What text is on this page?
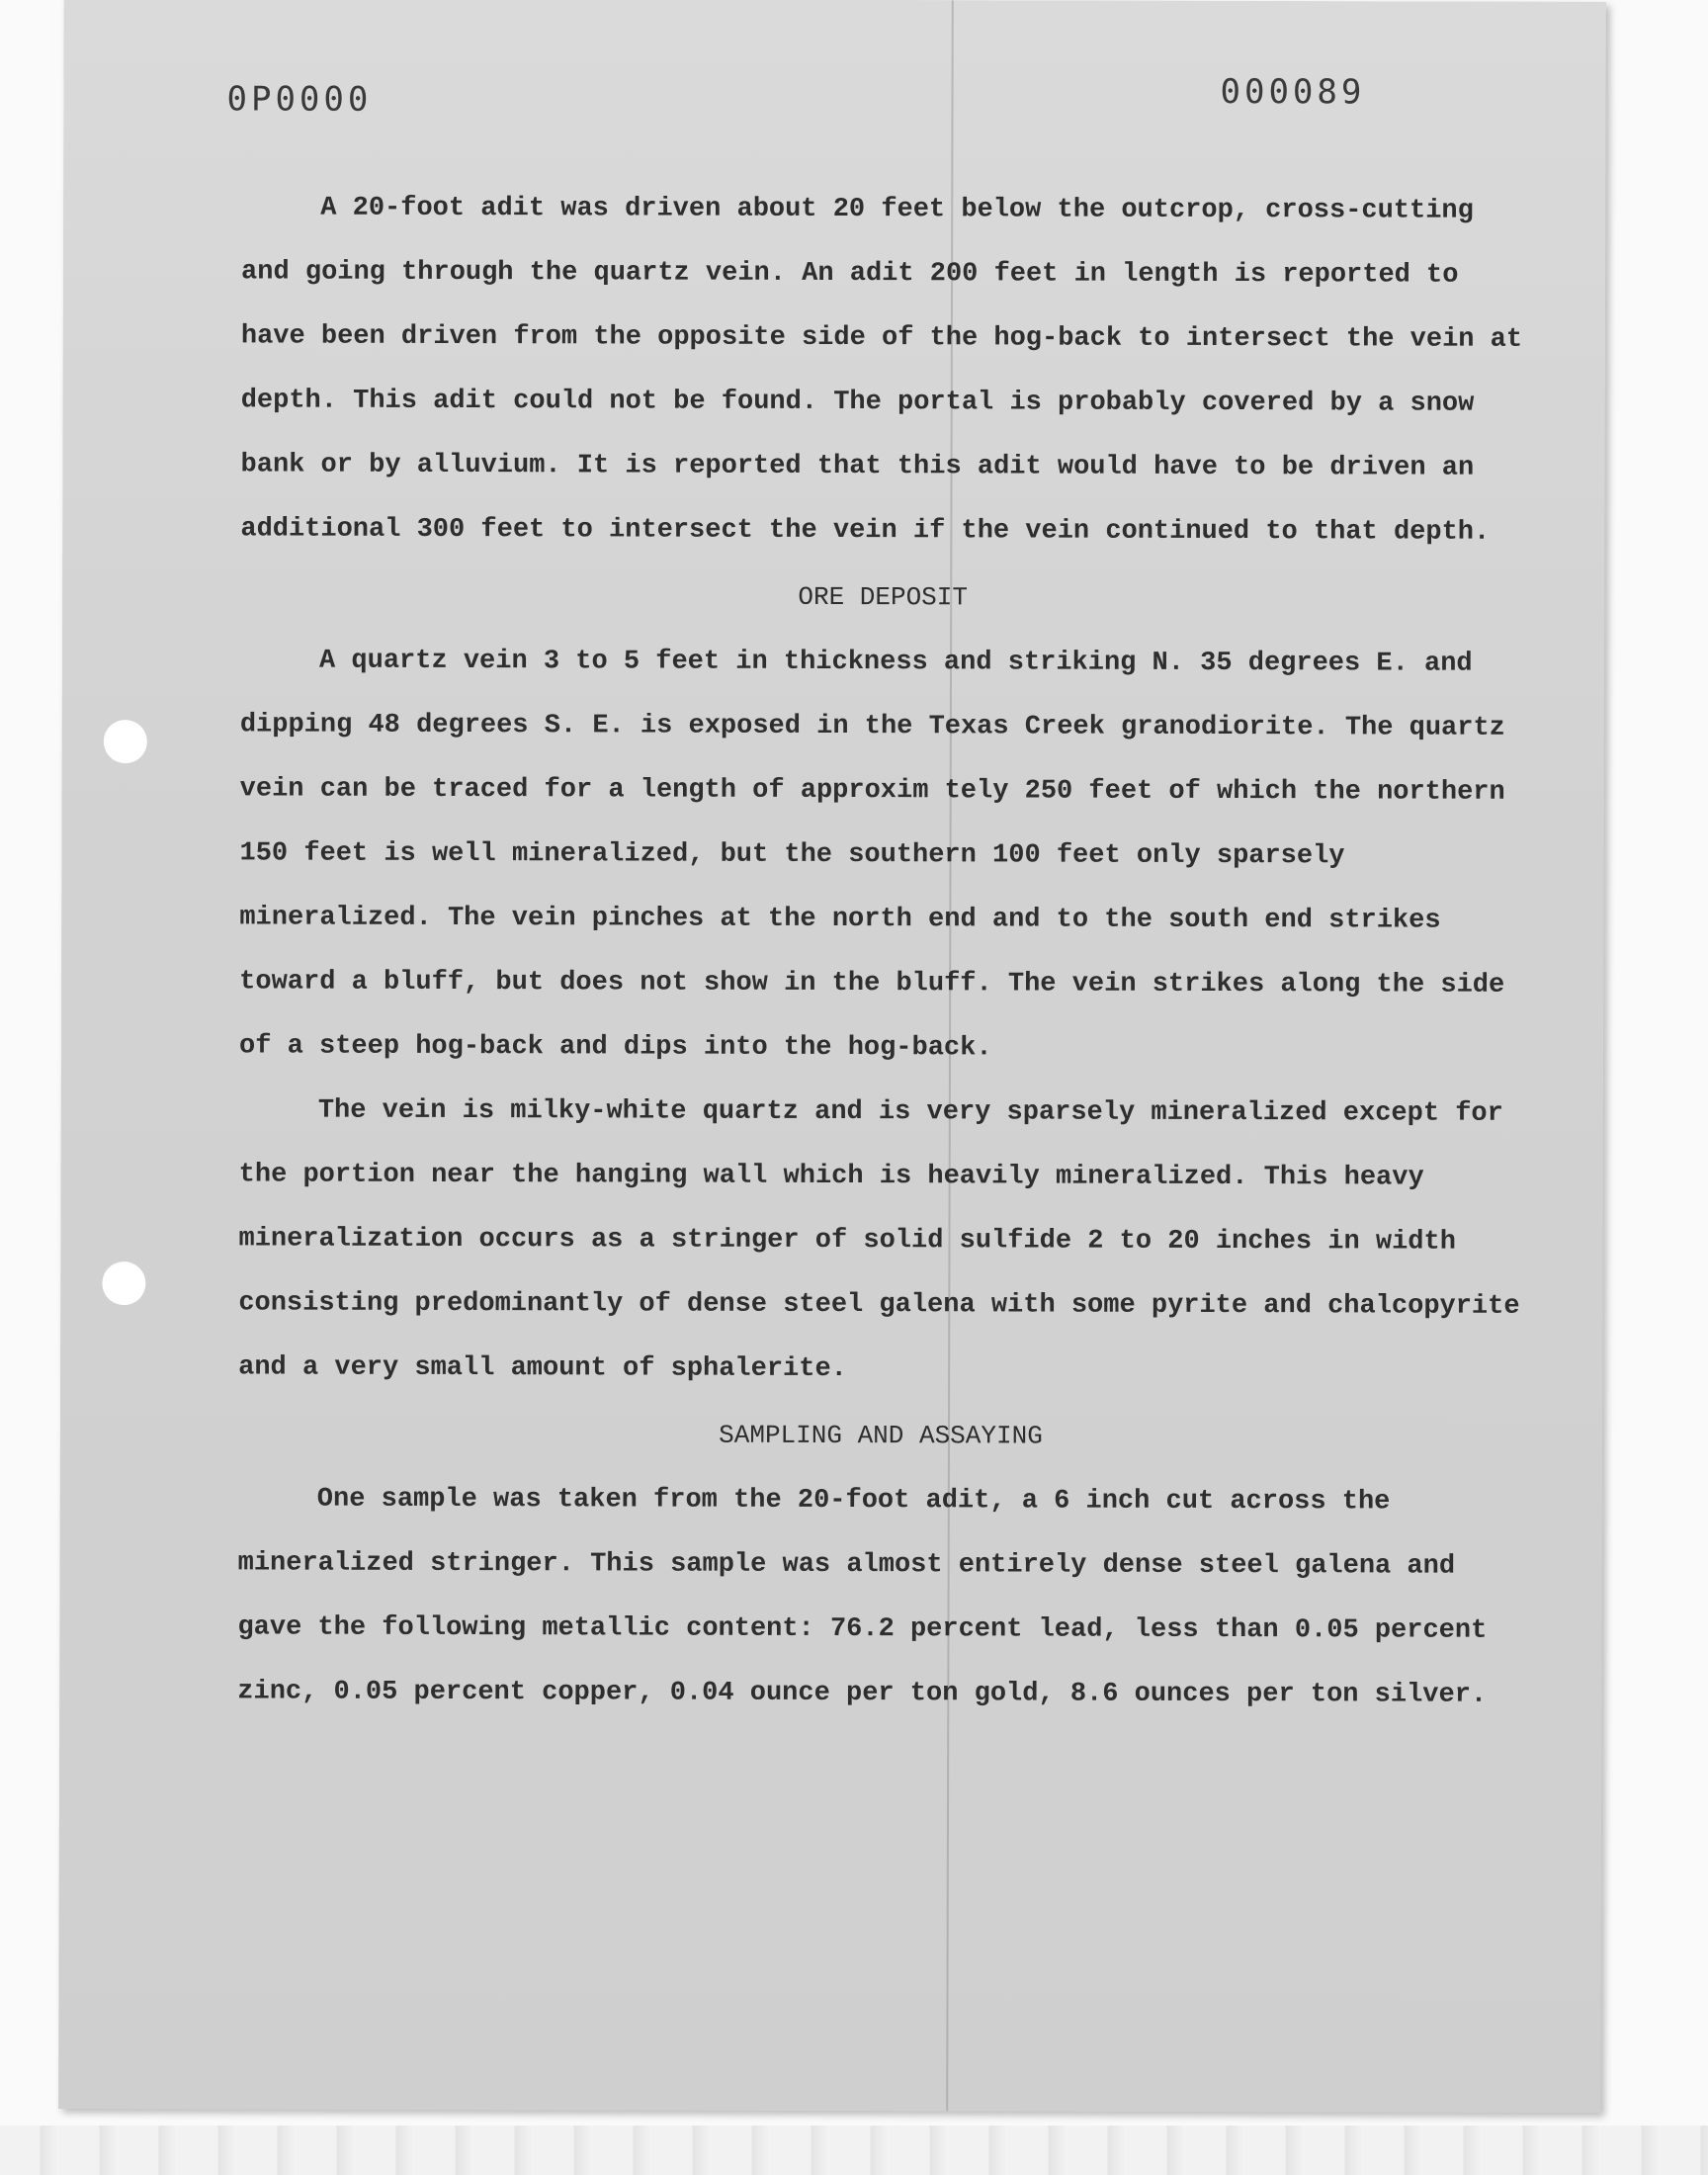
0P0000	000089

A 20-foot adit was driven about 20 feet below the outcrop, cross-cutting and going through the quartz vein. An adit 200 feet in length is reported to have been driven from the opposite side of the hog-back to intersect the vein at depth. This adit could not be found. The portal is probably covered by a snow bank or by alluvium. It is reported that this adit would have to be driven an additional 300 feet to intersect the vein if the vein continued to that depth.

ORE DEPOSIT

A quartz vein 3 to 5 feet in thickness and striking N. 35 degrees E. and dipping 48 degrees S. E. is exposed in the Texas Creek granodiorite. The quartz vein can be traced for a length of approxim tely 250 feet of which the northern 150 feet is well mineralized, but the southern 100 feet only sparsely mineralized. The vein pinches at the north end and to the south end strikes toward a bluff, but does not show in the bluff. The vein strikes along the side of a steep hog-back and dips into the hog-back.

The vein is milky-white quartz and is very sparsely mineralized except for the portion near the hanging wall which is heavily mineralized. This heavy mineralization occurs as a stringer of solid sulfide 2 to 20 inches in width consisting predominantly of dense steel galena with some pyrite and chalcopyrite and a very small amount of sphalerite.

SAMPLING AND ASSAYING

One sample was taken from the 20-foot adit, a 6 inch cut across the mineralized stringer. This sample was almost entirely dense steel galena and gave the following metallic content: 76.2 percent lead, less than 0.05 percent zinc, 0.05 percent copper, 0.04 ounce per ton gold, 8.6 ounces per ton silver.
